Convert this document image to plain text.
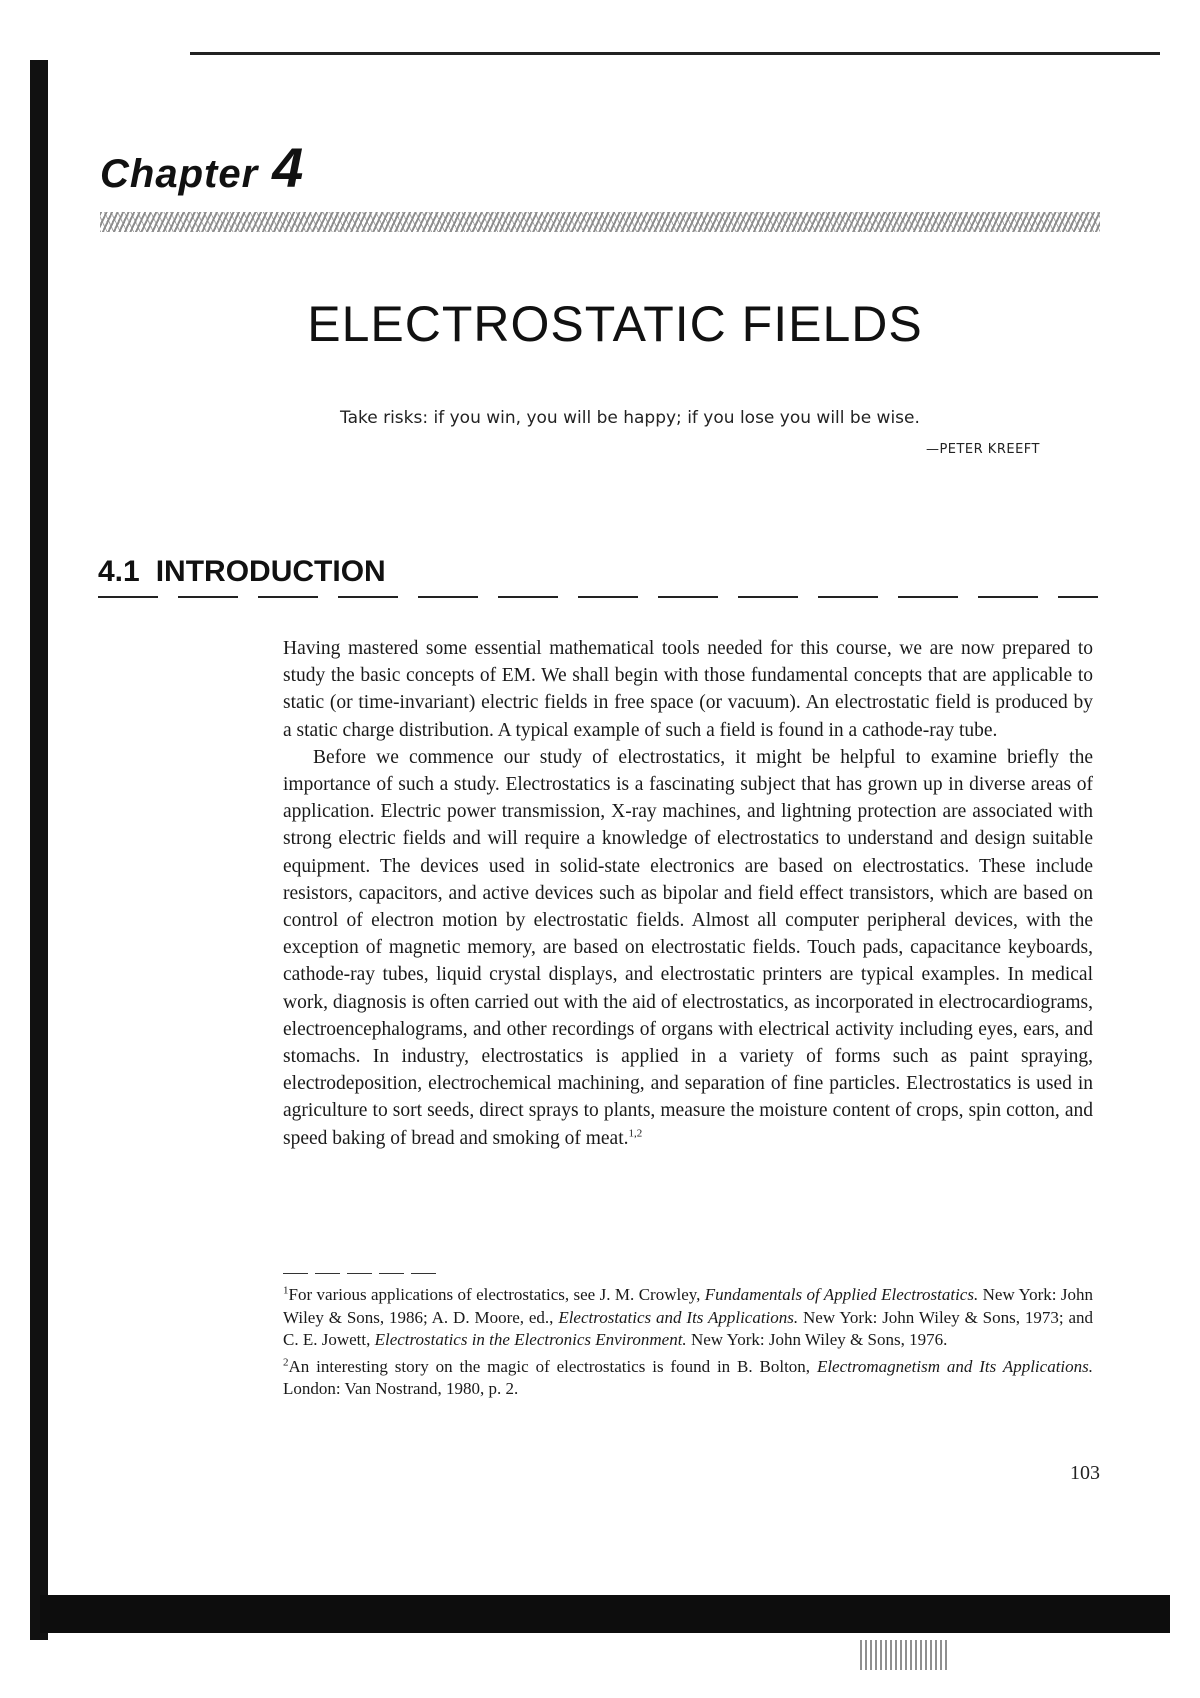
Chapter 4
ELECTROSTATIC FIELDS
Take risks: if you win, you will be happy; if you lose you will be wise.
—PETER KREEFT
4.1 INTRODUCTION

Having mastered some essential mathematical tools needed for this course, we are now prepared to study the basic concepts of EM. We shall begin with those fundamental concepts that are applicable to static (or time-invariant) electric fields in free space (or vacuum). An electrostatic field is produced by a static charge distribution. A typical example of such a field is found in a cathode-ray tube.

Before we commence our study of electrostatics, it might be helpful to examine briefly the importance of such a study. Electrostatics is a fascinating subject that has grown up in diverse areas of application. Electric power transmission, X-ray machines, and lightning protection are associated with strong electric fields and will require a knowledge of electrostatics to understand and design suitable equipment. The devices used in solid-state electronics are based on electrostatics. These include resistors, capacitors, and active devices such as bipolar and field effect transistors, which are based on control of electron motion by electrostatic fields. Almost all computer peripheral devices, with the exception of magnetic memory, are based on electrostatic fields. Touch pads, capacitance keyboards, cathode-ray tubes, liquid crystal displays, and electrostatic printers are typical examples. In medical work, diagnosis is often carried out with the aid of electrostatics, as incorporated in electrocardiograms, electroencephalograms, and other recordings of organs with electrical activity including eyes, ears, and stomachs. In industry, electrostatics is applied in a variety of forms such as paint spraying, electrodeposition, electrochemical machining, and separation of fine particles. Electrostatics is used in agriculture to sort seeds, direct sprays to plants, measure the moisture content of crops, spin cotton, and speed baking of bread and smoking of meat.$^{1,2}$

$^1$For various applications of electrostatics, see J. M. Crowley, Fundamentals of Applied Electrostatics. New York: John Wiley & Sons, 1986; A. D. Moore, ed., Electrostatics and Its Applications. New York: John Wiley & Sons, 1973; and C. E. Jowett, Electrostatics in the Electronics Environment. New York: John Wiley & Sons, 1976.

$^2$An interesting story on the magic of electrostatics is found in B. Bolton, Electromagnetism and Its Applications. London: Van Nostrand, 1980, p. 2.

103
